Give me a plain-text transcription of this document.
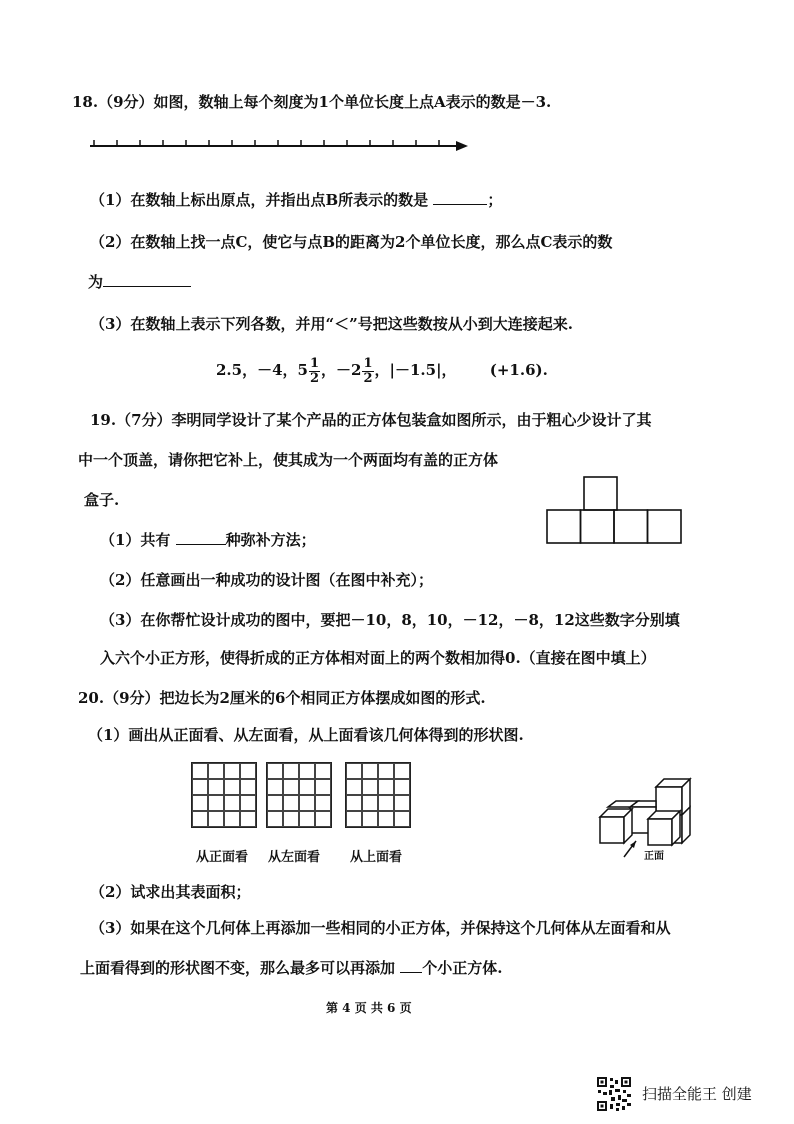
18.（9分）如图，数轴上每个刻度为1个单位长度上点A表示的数是－3.
（1）在数轴上标出原点，并指出点B所表示的数是	；
（2）在数轴上找一点C，使它与点B的距离为2个单位长度，那么点C表示的数
为
（3）在数轴上表示下列各数，并用“＜”号把这些数按从小到大连接起来.
2.5，－4，$5 \frac{1}{2}$ ，$-2 \frac{1}{2}$ ，|－1.5|， (+1.6).
19.（7分）李明同学设计了某个产品的正方体包装盒如图所示，由于粗心少设计了其
中一个顶盖，请你把它补上，使其成为一个两面均有盖的正方体
盒子.
（1）共有	种弥补方法；
（2）任意画出一种成功的设计图（在图中补充）；
（3）在你帮忙设计成功的图中，要把－10，8，10，－12，－8，12这些数字分别填
入六个小正方形，使得折成的正方体相对面上的两个数相加得0.（直接在图中填上）
20.（9分）把边长为2厘米的6个相同正方体摆成如图的形式.
（1）画出从正面看、从左面看，从上面看该几何体得到的形状图.
从正面看 从左面看 从上面看	正面
（2）试求出其表面积；
（3）如果在这个几何体上再添加一些相同的小正方体，并保持这个几何体从左面看和从
上面看得到的形状图不变，那么最多可以再添加 个小正方体.
第 4 页 共 6 页
扫描全能王 创建
